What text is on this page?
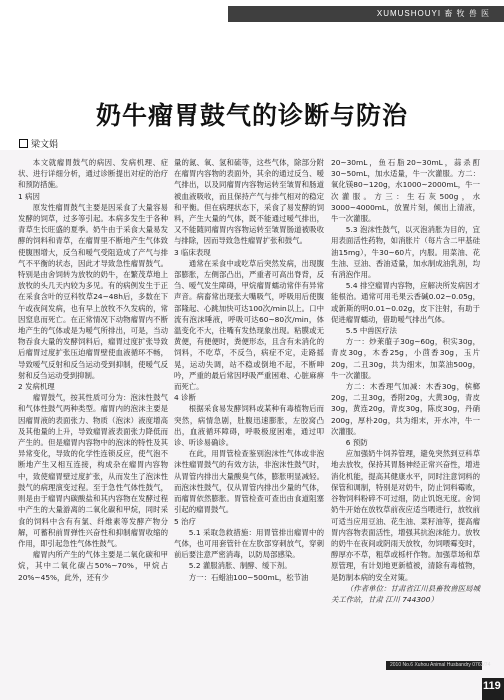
XUMUSHOUYI 畜 牧 兽 医
奶牛瘤胃鼓气的诊断与防治
梁文娟

本文就瘤胃鼓气的病因、发病机理、症状、进行详细分析，通过诊断提出对症的治疗和预防措施。

1 病因

原发性瘤胃鼓气主要是因采食了大量容易发酵的饲草，过多等引起。本病多发生于各种青草生长旺盛的夏季。奶牛由于采食大量易发酵的饲料和青草，在瘤胃里不断地产生气体致使腹围增大，反刍和嗳气受阻造成了产气与排气不平衡的状态，因此才导致急性瘤胃鼓气。特别是由舍饲转为放牧的奶牛，在繁茂草地上放牧的头几天内较为多见。有的病例发生于正在采食含叶的豆科牧草24~48h后，多数在下午或夜间发病，也有早上放牧不久发病的，常因窒息而死亡。在正常情况下动物瘤胃内不断地产生的气体或是为嗳气所排出，可是，当动物吞食大量的发酵饲料后，瘤胃过度扩张导致后瘤胃过度扩张压迫瘤胃壁使血液循环不畅，导致嗳气反射和反刍运动受到抑制，使嗳气反射和反刍运动受到抑制。

2 发病机理

瘤胃鼓气，按其性质可分为：泡沫性鼓气和气体性鼓气两种类型。瘤胃内的泡沫主要是因瘤胃液的表面张力、物质（泡沫）液度增高及其他量的上升，导致瘤胃液表面张力降低而产生的。但是瘤胃内容物中的泡沫的特性及其异常变化，导致的化学性连锁反应，使气泡不断地产生又相互连接，构成杂在瘤胃内容物中，致使瘤胃壁过度扩张，从而发生了泡沫性鼓气的病理演变过程。至于急性气体性鼓气，则是由于瘤胃内碳酸盐和其内容物在发酵过程中产生的大量游离的二氧化碳和甲烷，同时采食的饲料中含有有氯、纤维素等发酵产物分解，可蓄积前胃弹性兴奋性和抑制瘤胃收缩的作用，即引起急性气体性鼓气。

瘤胃内所产生的气体主要是二氧化碳和甲烷，其中二氧化碳占50%~70%，甲烷占20%~45%，此外，还有少

量的氮、氧、氢和硫等，这些气体，除部分附在瘤胃内容物的表面外，其余的通过反刍、嗳气排出，以及同瘤胃内容物运转至皱胃和肠道被血液吸收，而且保持产气与排气相对的稳定和平衡。但在病理状态下，采食了易发酵的饲料，产生大量的气体，既不能通过嗳气排出，又不能随同瘤胃内容物运转至皱胃肠道被吸收与排除，因而导致急性瘤胃扩张和鼓气。

3 临床表现

通常在采食中或吃草后突然发病，出现腹部膨胀，左侧部凸出，严重者可高出脊背，反刍、嗳气发生障碍，甲烷瘤胃蠕动常伴有异常声音。病畜常出现张大嘴吸气，呼吸用后使腹部隆起、心跳加快可达100次/min以上。口中流有泡沫唾液，呼吸可达60~80次/min，体温变化不大，往嘴有发热现象出现。粘膜或无黄便，有便便时，粪便形态，且含有未消化的饲料，不吃草，不反刍，病症不定，走路摇晃，运动失调，站不稳或倒地不起，不断呻吟，严重的最后常因呼吸严重困难、心脏麻痹而死亡。

4 诊断

根据采食易发酵饲料或某种有毒植物后而突然，病情急剧，肚腹迅速膨胀，左胶窝凸出，血液循环障碍，呼吸极度困难，通过叩诊、听诊易确诊。

在此，用胃管检查鉴别泡沫性气体或非泡沫性瘤胃鼓气的有效方法，非泡沫性鼓气时，从胃管内排出大量酸臭气体，膨胀明显减轻。而泡沫性鼓气，仅从胃管内排出少量的气体，而瘤胃依然膨胀。胃管检查可查出由食道阻塞引起的瘤胃鼓气。

5 治疗

5.1 采取急救措施：用胃管排出瘤胃中的气体，也可用套管针在左肷部穿刺放气，穿刺前后要注意严密消毒，以防局部感染。

5.2 灌服消胀、制酵、缓下剂。

方一：石蜡油100~500mL，松节油

20~30mL，鱼石脂20~30mL，蒜杀酊30~50mL，加水适量，牛一次灌服。方二：氧化镁80~120g，水1000~2000mL，牛一次灌服。方三：生石灰500g，水3000~4000mL，放置片刻，倾出上清液，牛一次灌服。

5.3 泡沫性鼓气，以灭泡消胀为目的，宜用表面活性药物，如消胀片（每片含二甲基硅油15mg），牛30~60片，内服。用菜油、花生油、豆油、香油适量，加水制成油乳剂，均有消泡作用。

5.4 排空瘤胃内容物，应解决所发病因才能根治。通常可用毛果云香碱0.02~0.05g，或新斯的明0.01~0.02g，皮下注射，有助于促进瘤胃蠕动，借助嗳气排出气体。

5.5 中兽医疗法

方一：炒莱菔子30g~60g，积实30g，青皮30g，木香25g，小茴香30g，玉片20g，二丑30g，共为细末，加菜油500g，牛一次灌服。

方二：木香理气加减：木香30g，槟榔20g，二丑30g，香附20g，大黄30g，青皮30g，黄连20g，青皮30g，陈皮30g，丹硝200g，厚朴20g，共为细末，开水冲，牛一次灌服。

6 预防

应加强奶牛饲养管理，避免突然到豆科草地去放牧，保持其胃肠神经正常兴奋性，增进消化机能，提高其健康水平，同时注意饲料的保管和调制，特别是对奶牛，防止饲料霉败，谷物饲料粉碎不可过细，防止饥饱无度。舍饲奶牛开始在放牧草前夜应适当喂进行，放牧前可适当应用豆油、花生油、菜籽油等，提高瘤胃内容物表面活性，增强其抗泡沫能力。放牧的奶牛在夜间或阴雨天放牧，勿饲喂霉变时，醇厚亦不草，粗草或栎杆作物。加强草场和草原管理，有计划地更新植被，清除有毒植物，是防制本病的安全对策。

（作者单位：甘肃省江川县畜牧兽医局城关工作站，甘肃 江川 744300）

2010 No.6 Xuhou Animal Husbandry 0763/74
119
